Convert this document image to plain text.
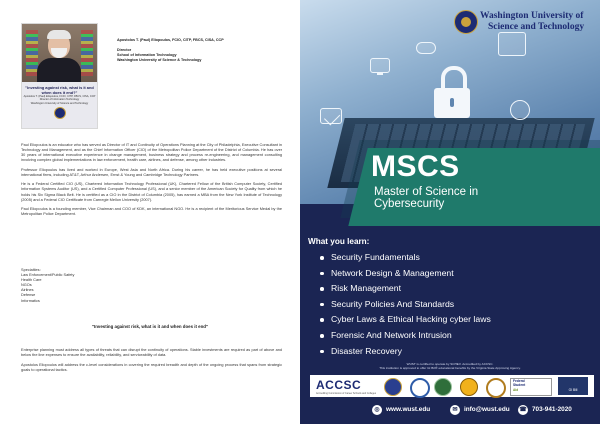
"Investing against risk, what is it and when does it end?"
Apostolos T. (Paul) Eliopoulos, FCIO, CITP, FBCS, CISA, CCP
Director of Information Technology
Washington University of Science and Technology
Apostolos T. (Paul) Eliopoulos, FCIO, CITP, FBCS, CISA, CCP
Director
School of Information Technology
Washington University of Science & Technology

Paul Eliopoulos is an educator who has served as Director of IT and Continuity of Operations Planning at the City of Philadelphia, Executive Consultant in Technology and Management, and as the Chief Information Officer (CIO) of the Metropolitan Police Department of the District of Columbia. He has over 30 years of international executive experience in change management, business strategy and process re-engineering, and management consulting involving complex global implementations in law enforcement, health care, airlines, and defense, among other industries.

Professor Eliopoulos has lived and worked in Europe, West Asia and North Africa. During his career, he has held executive positions at several international firms, including AT&T, Arthur Andersen, Ernst & Young and Cambridge Technology Partners.

He is a Federal Certified CIO (US), Chartered Information Technology Professional (UK), Chartered Fellow of the British Computer Society, Certified Information Systems Auditor (US), and a Certified Computer Professional (US), and a senior member of the American Society for Quality from which he holds his Six Sigma Black Belt. He is certified as a CIO in the District of Columbia (2005), has earned a MBA from the New York Institute of Technology (2005) and a Federal CIO Certificate from Carnegie Mellon University (2007).

Paul Eliopoulos is a founding member, Vice Chairman and COO of KDK, an international NGO. He is a recipient of the Meritorious Service Medal by the Metropolitan Police Department.

Specialties:
Law Enforcement/Public Safety
Health Care
NGOs
Airlines
Defense
Informatics
"Investing against risk, what is it and when does it end"

Enterprise planning must address all types of threats that can disrupt the continuity of operations. Stable investments are required as part of above and below the line expenses to ensure the availability, reliability, and serviceability of data.

Apostolos Eliopoulos will address the c-level considerations in covering the required breadth and depth of the ongoing process that spans from strategic goals to operational tactics.

Washington University of
Science and Technology
MSCS
Master of Science in
Cybersecurity
What you learn:
Security Fundamentals
Network Design & Management
Risk Management
Security Policies And Standards
Cyber Laws & Ethical Hacking cyber laws
Forensic And Network Intrusion
Disaster Recovery
WUST is certified to operate by SCHEV. Accredited by ACCSC.
This institution is approved to offer GI Bill® educational benefits by the Virginia State Approving Agency.
ACCSC
Accrediting Commission of Career Schools and Colleges
Federal
Student
Aid	GI Bill
◎ www.wust.edu	✉	info@wust.edu ☎ 703-941-2020
